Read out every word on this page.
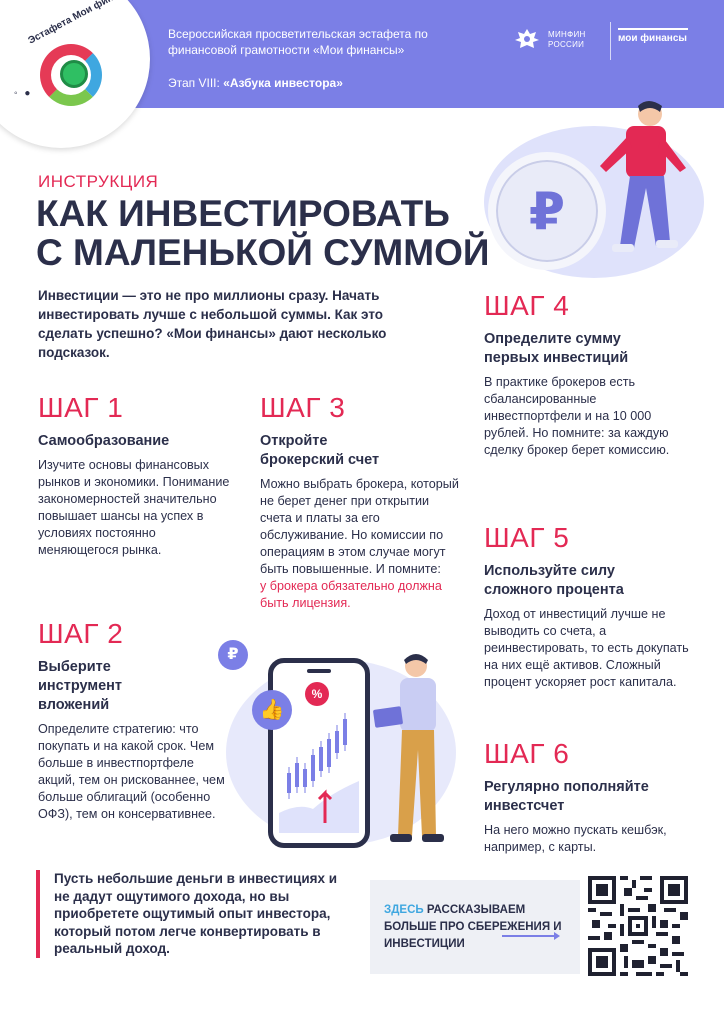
Всероссийская просветительская эстафета по финансовой грамотности «Мои финансы»
Этап VIII: «Азбука инвестора»
МИНФИН
РОССИИ
мои финансы
◦ ●
ИНСТРУКЦИЯ
КАК ИНВЕСТИРОВАТЬ
С МАЛЕНЬКОЙ СУММОЙ
Инвестиции — это не про миллионы сразу. Начать инвестировать лучше с небольшой суммы. Как это сделать успешно? «Мои финансы» дают несколько подсказок.
₽
ШАГ 1
Самообразование
Изучите основы финансовых рынков и экономики. Понимание закономерностей значительно повышает шансы на успех в условиях постоянно меняющегося рынка.
ШАГ 2
Выберите инструмент вложений
Определите стратегию: что покупать и на какой срок. Чем больше в инвестпортфеле акций, тем он рискованнее, чем больше облигаций (особенно ОФЗ), тем он консервативнее.
ШАГ 3
Откройте брокерский счет
Можно выбрать брокера, который не берет денег при открытии счета и платы за его обслуживание. Но комиссии по операциям в этом случае могут быть повышенные. И помните:
у брокера обязательно должна быть лицензия.
ШАГ 4
Определите сумму первых инвестиций
В практике брокеров есть сбалансированные инвестпортфели и на 10 000 рублей. Но помните: за каждую сделку брокер берет комиссию.
ШАГ 5
Используйте силу сложного процента
Доход от инвестиций лучше не выводить со счета, а реинвестировать, то есть докупать на них ещё активов. Сложный процент ускоряет рост капитала.
ШАГ 6
Регулярно пополняйте инвестсчет
На него можно пускать кешбэк, например, с карты.
₽
👍
%
Пусть небольшие деньги в инвестициях и не дадут ощутимого дохода, но вы приобретете ощутимый опыт инвестора, который потом легче конвертировать в реальный доход.
ЗДЕСЬ РАССКАЗЫВАЕМ БОЛЬШЕ ПРО СБЕРЕЖЕНИЯ И ИНВЕСТИЦИИ
